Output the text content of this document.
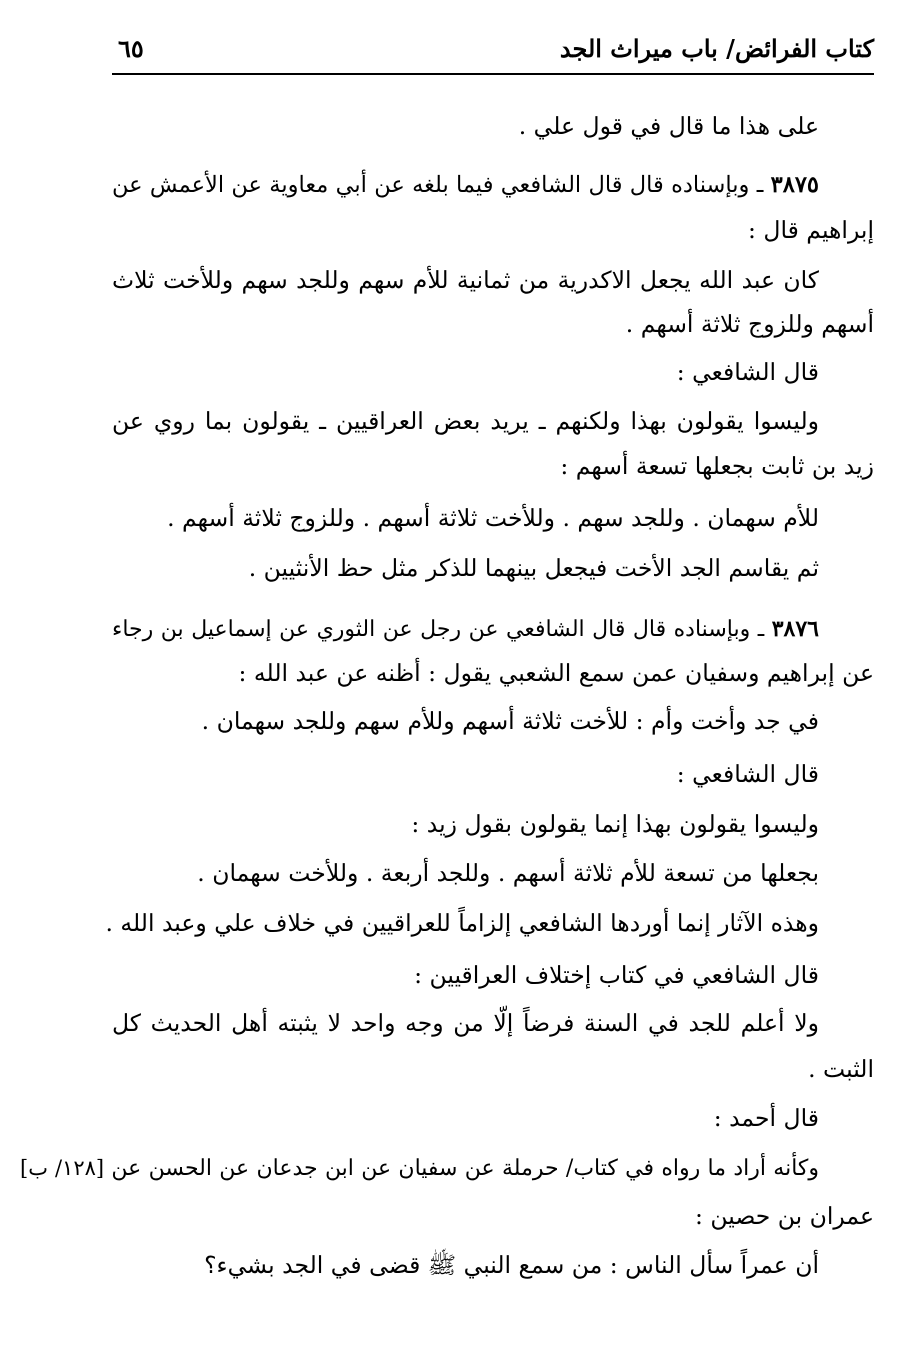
كتاب الفرائض/ باب ميراث الجد
٦٥
على هذا ما قال في قول علي .
٣٨٧٥ ـ وبإسناده قال قال الشافعي فيما بلغه عن أبي معاوية عن الأعمش عن
إبراهيم قال :
كان عبد الله يجعل الاكدرية من ثمانية للأم سهم وللجد سهم وللأخت ثلاث
أسهم وللزوج ثلاثة أسهم .
قال الشافعي :
وليسوا يقولون بهذا ولكنهم ـ يريد بعض العراقيين ـ يقولون بما روي عن
زيد بن ثابت بجعلها تسعة أسهم :
للأم سهمان . وللجد سهم . وللأخت ثلاثة أسهم . وللزوج ثلاثة أسهم .
ثم يقاسم الجد الأخت فيجعل بينهما للذكر مثل حظ الأنثيين .
٣٨٧٦ ـ وبإسناده قال قال الشافعي عن رجل عن الثوري عن إسماعيل بن رجاء
عن إبراهيم وسفيان عمن سمع الشعبي يقول : أظنه عن عبد الله :
في جد وأخت وأم : للأخت ثلاثة أسهم وللأم سهم وللجد سهمان .
قال الشافعي :
وليسوا يقولون بهذا إنما يقولون بقول زيد :
بجعلها من تسعة للأم ثلاثة أسهم . وللجد أربعة . وللأخت سهمان .
وهذه الآثار إنما أوردها الشافعي إلزاماً للعراقيين في خلاف علي وعبد الله .
قال الشافعي في كتاب إختلاف العراقيين :
ولا أعلم للجد في السنة فرضاً إلّا من وجه واحد لا يثبته أهل الحديث كل
الثبت .
قال أحمد :
وكأنه أراد ما رواه في كتاب/ حرملة عن سفيان عن ابن جدعان عن الحسن عن [١٢٨/ ب]
عمران بن حصين :
أن عمراً سأل الناس : من سمع النبي ﷺ قضى في الجد بشيء؟
